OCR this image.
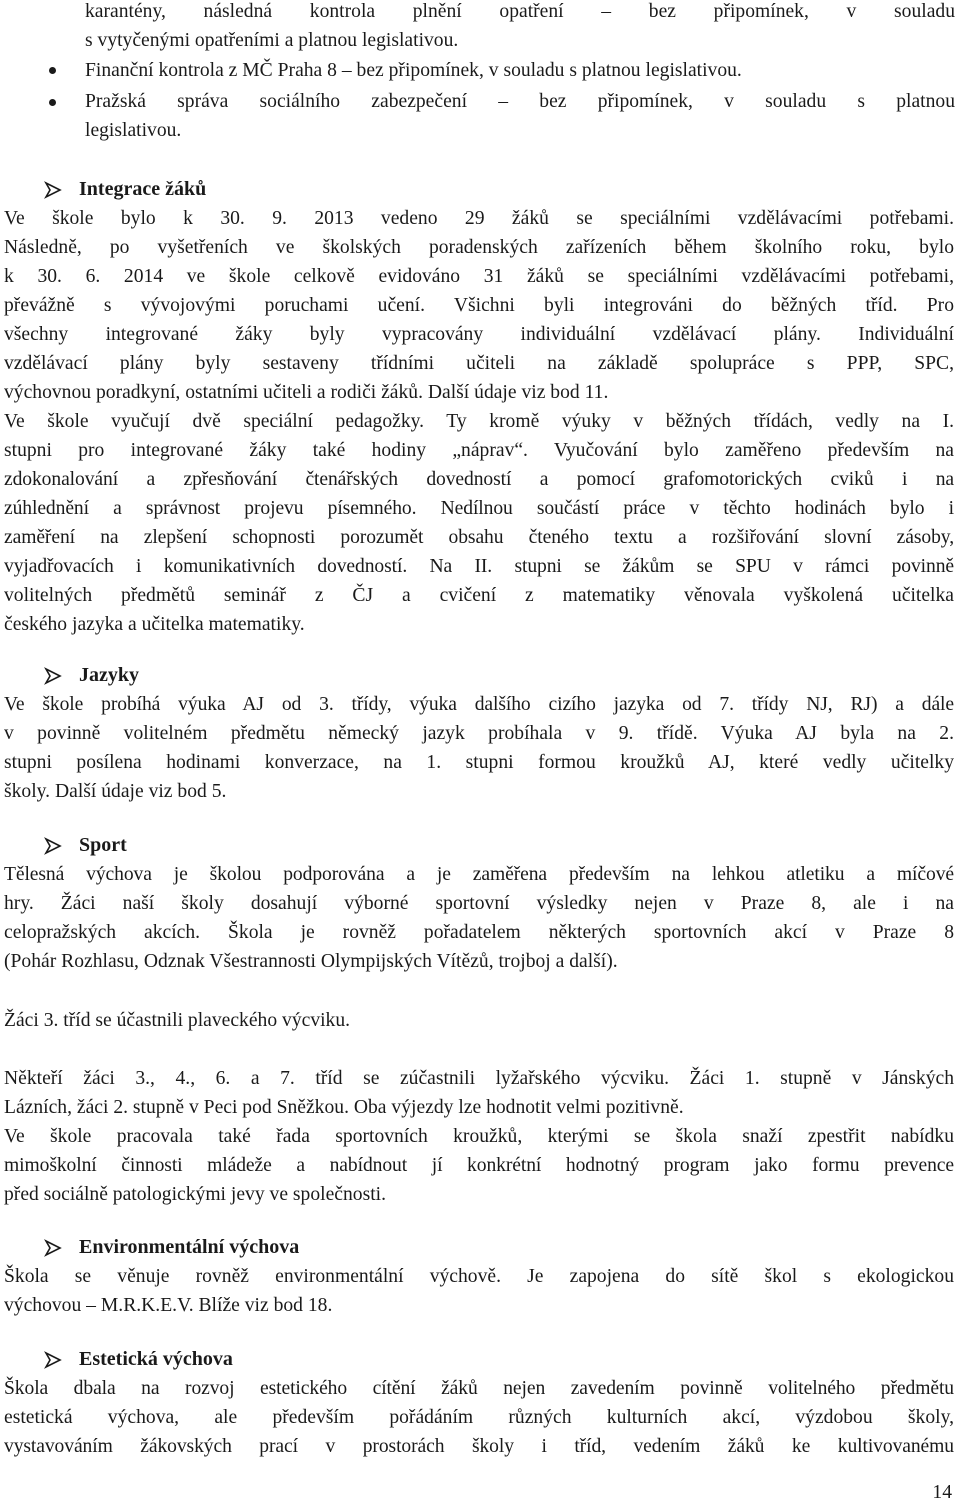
karantény, následná kontrola plnění opatření – bez připomínek, v souladu
s vytyčenými opatřeními a platnou legislativou.
Finanční kontrola z MČ Praha 8 – bez připomínek, v souladu s platnou legislativou.
Pražská správa sociálního zabezpečení – bez připomínek, v souladu s platnou
legislativou.
Integrace žáků
Ve škole bylo k 30. 9. 2013 vedeno 29 žáků se speciálními vzdělávacími potřebami.
Následně, po vyšetřeních ve školských poradenských zařízeních během školního roku, bylo
k 30. 6. 2014 ve škole celkově evidováno 31 žáků se speciálními vzdělávacími potřebami,
převážně s vývojovými poruchami učení. Všichni byli integrováni do běžných tříd. Pro
všechny integrované žáky byly vypracovány individuální vzdělávací plány. Individuální
vzdělávací plány byly sestaveny třídními učiteli na základě spolupráce s PPP, SPC,
výchovnou poradkyní, ostatními učiteli a rodiči žáků. Další údaje viz bod 11.
Ve škole vyučují dvě speciální pedagožky. Ty kromě výuky v běžných třídách, vedly na I.
stupni pro integrované žáky také hodiny „náprav“. Vyučování bylo zaměřeno především na
zdokonalování a zpřesňování čtenářských dovedností a pomocí grafomotorických cviků i na
zúhlednění a správnost projevu písemného. Nedílnou součástí práce v těchto hodinách bylo i
zaměření na zlepšení schopnosti porozumět obsahu čteného textu a rozšiřování slovní zásoby,
vyjadřovacích i komunikativních dovedností. Na II. stupni se žákům se SPU v rámci povinně
volitelných předmětů seminář z ČJ a cvičení z matematiky věnovala vyškolená učitelka
českého jazyka a učitelka matematiky.
Jazyky
Ve škole probíhá výuka AJ od 3. třídy, výuka dalšího cizího jazyka od 7. třídy NJ, RJ) a dále
v povinně volitelném předmětu německý jazyk probíhala v 9. třídě. Výuka AJ byla na 2.
stupni posílena hodinami konverzace, na 1. stupni formou kroužků AJ, které vedly učitelky
školy. Další údaje viz bod 5.
Sport
Tělesná výchova je školou podporována a je zaměřena především na lehkou atletiku a míčové
hry. Žáci naší školy dosahují výborné sportovní výsledky nejen v Praze 8, ale i na
celopražských akcích. Škola je rovněž pořadatelem některých sportovních akcí v Praze 8
(Pohár Rozhlasu, Odznak Všestrannosti Olympijských Vítězů, trojboj a další).
Žáci 3. tříd se účastnili plaveckého výcviku.
Někteří žáci 3., 4., 6. a 7. tříd se zúčastnili lyžařského výcviku. Žáci 1. stupně v Jánských
Lázních, žáci 2. stupně v Peci pod Sněžkou. Oba výjezdy lze hodnotit velmi pozitivně.
Ve škole pracovala také řada sportovních kroužků, kterými se škola snaží zpestřit nabídku
mimoškolní činnosti mládeže a nabídnout jí konkrétní hodnotný program jako formu prevence
před sociálně patologickými jevy ve společnosti.
Environmentální výchova
Škola se věnuje rovněž environmentální výchově. Je zapojena do sítě škol s ekologickou
výchovou – M.R.K.E.V. Blíže viz bod 18.
Estetická výchova
Škola dbala na rozvoj estetického cítění žáků nejen zavedením povinně volitelného předmětu
estetická výchova, ale především pořádáním různých kulturních akcí, výzdobou školy,
vystavováním žákovských prací v prostorách školy i tříd, vedením žáků ke kultivovanému
14
